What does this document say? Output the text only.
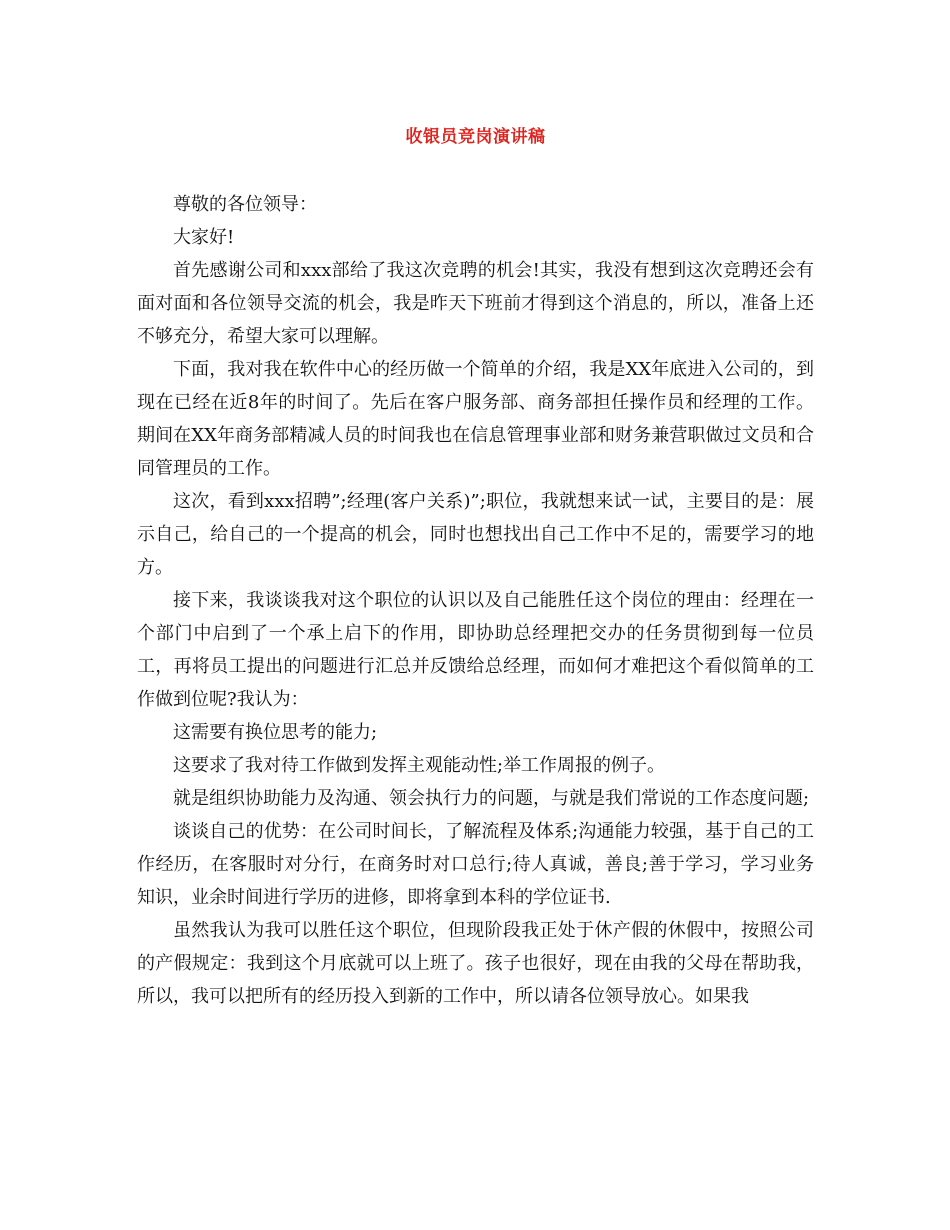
收银员竞岗演讲稿

尊敬的各位领导：

大家好!

首先感谢公司和xxx部给了我这次竞聘的机会!其实，我没有想到这次竞聘还会有面对面和各位领导交流的机会，我是昨天下班前才得到这个消息的，所以，准备上还不够充分，希望大家可以理解。

下面，我对我在软件中心的经历做一个简单的介绍，我是XX年底进入公司的，到现在已经在近8年的时间了。先后在客户服务部、商务部担任操作员和经理的工作。期间在XX年商务部精减人员的时间我也在信息管理事业部和财务兼营职做过文员和合同管理员的工作。

这次，看到xxx招聘”;经理(客户关系)”;职位，我就想来试一试，主要目的是：展示自己，给自己的一个提高的机会，同时也想找出自己工作中不足的，需要学习的地方。

接下来，我谈谈我对这个职位的认识以及自己能胜任这个岗位的理由：经理在一个部门中启到了一个承上启下的作用，即协助总经理把交办的任务贯彻到每一位员工，再将员工提出的问题进行汇总并反馈给总经理，而如何才难把这个看似简单的工作做到位呢?我认为：

这需要有换位思考的能力;

这要求了我对待工作做到发挥主观能动性;举工作周报的例子。

就是组织协助能力及沟通、领会执行力的问题，与就是我们常说的工作态度问题;

谈谈自己的优势：在公司时间长，了解流程及体系;沟通能力较强，基于自己的工作经历，在客服时对分行，在商务时对口总行;待人真诚，善良;善于学习，学习业务知识，业余时间进行学历的进修，即将拿到本科的学位证书.

虽然我认为我可以胜任这个职位，但现阶段我正处于休产假的休假中，按照公司的产假规定：我到这个月底就可以上班了。孩子也很好，现在由我的父母在帮助我，所以，我可以把所有的经历投入到新的工作中，所以请各位领导放心。如果我
